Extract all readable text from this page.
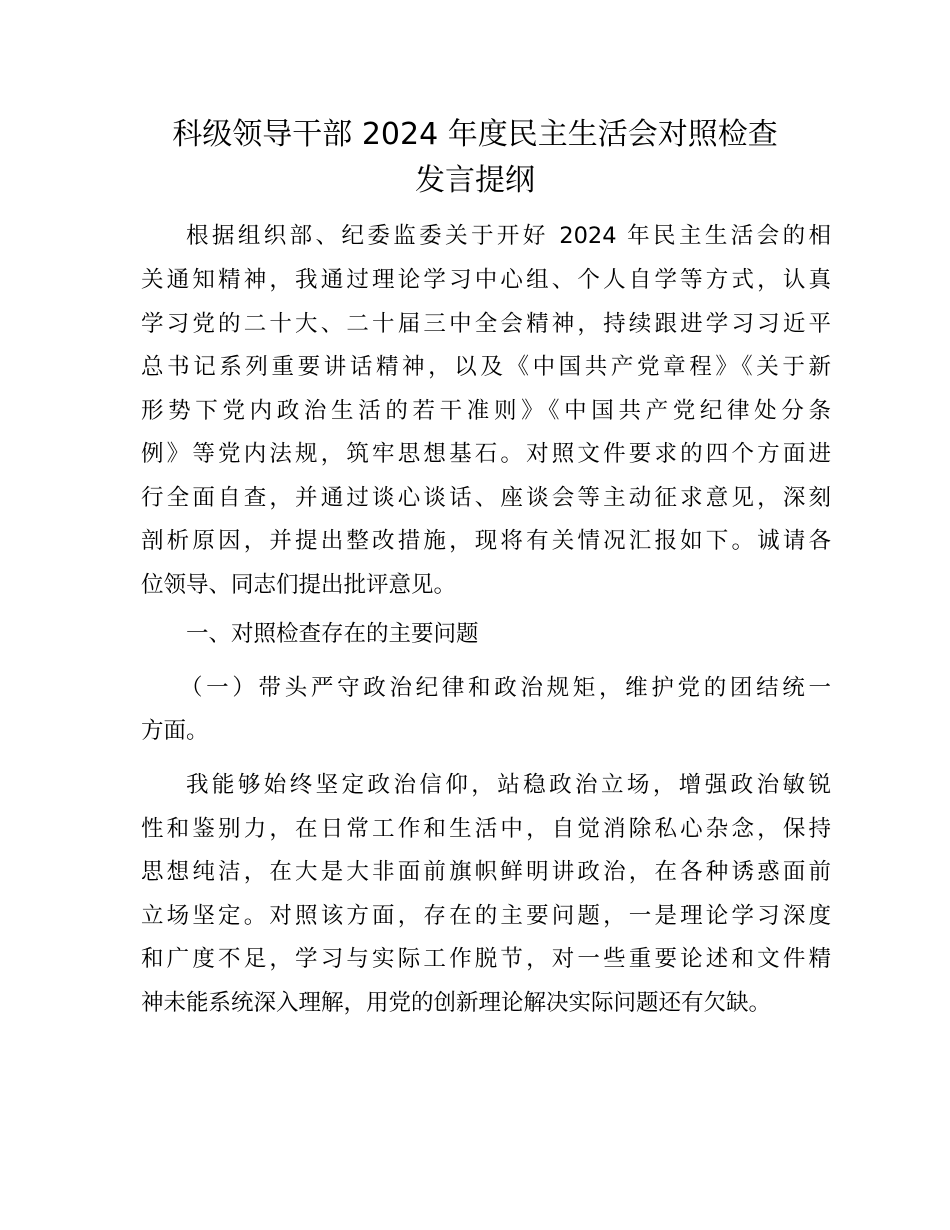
科级领导干部 2024 年度民主生活会对照检查
发言提纲
根据组织部、纪委监委关于开好 2024 年民主生活会的相
关通知精神，我通过理论学习中心组、个人自学等方式，认真
学习党的二十大、二十届三中全会精神，持续跟进学习习近平
总书记系列重要讲话精神，以及《中国共产党章程》《关于新
形势下党内政治生活的若干准则》《中国共产党纪律处分条
例》等党内法规，筑牢思想基石。对照文件要求的四个方面进
行全面自查，并通过谈心谈话、座谈会等主动征求意见，深刻
剖析原因，并提出整改措施，现将有关情况汇报如下。诚请各
位领导、同志们提出批评意见。
一、对照检查存在的主要问题
（一）带头严守政治纪律和政治规矩，维护党的团结统一
方面。
我能够始终坚定政治信仰，站稳政治立场，增强政治敏锐
性和鉴别力，在日常工作和生活中，自觉消除私心杂念，保持
思想纯洁，在大是大非面前旗帜鲜明讲政治，在各种诱惑面前
立场坚定。对照该方面，存在的主要问题，一是理论学习深度
和广度不足，学习与实际工作脱节，对一些重要论述和文件精
神未能系统深入理解，用党的创新理论解决实际问题还有欠缺。
